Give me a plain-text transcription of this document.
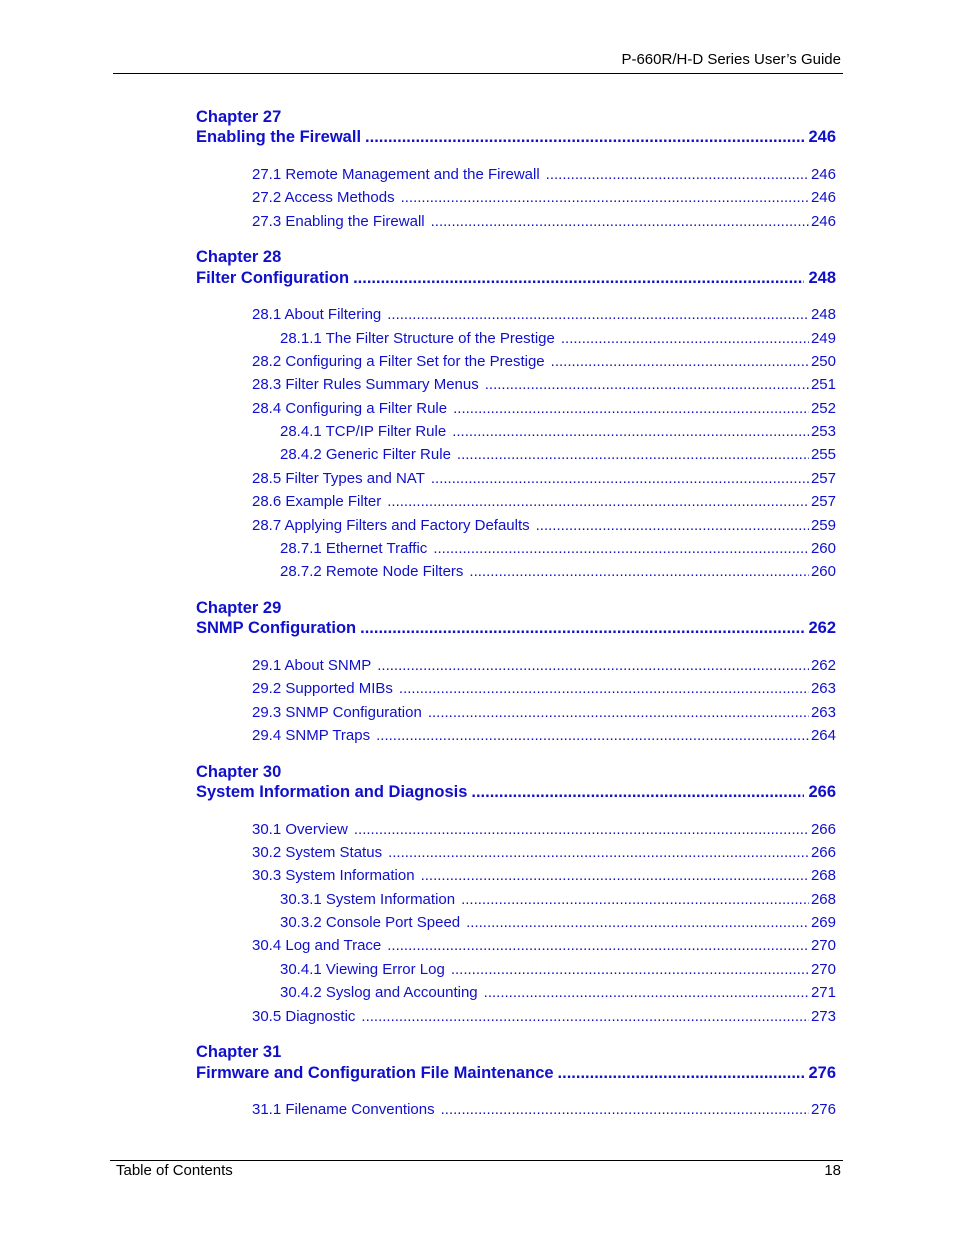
P-660R/H-D Series User’s Guide
Chapter 27
Enabling the Firewall .....	246
27.1 Remote Management and the Firewall .....	246
27.2 Access Methods .....	246
27.3 Enabling the Firewall .....	246
Chapter 28
Filter Configuration .....	248
28.1 About Filtering .....	248
28.1.1 The Filter Structure of the Prestige .....	249
28.2 Configuring a Filter Set for the Prestige .....	250
28.3 Filter Rules Summary Menus .....	251
28.4 Configuring a Filter Rule .....	252
28.4.1 TCP/IP Filter Rule .....	253
28.4.2 Generic Filter Rule .....	255
28.5 Filter Types and NAT .....	257
28.6 Example Filter .....	257
28.7 Applying Filters and Factory Defaults .....	259
28.7.1 Ethernet Traffic .....	260
28.7.2 Remote Node Filters .....	260
Chapter 29
SNMP Configuration .....	262
29.1 About SNMP .....	262
29.2 Supported MIBs .....	263
29.3 SNMP Configuration .....	263
29.4 SNMP Traps .....	264
Chapter 30
System Information and Diagnosis .....	266
30.1 Overview .....	266
30.2 System Status .....	266
30.3 System Information .....	268
30.3.1 System Information .....	268
30.3.2 Console Port Speed .....	269
30.4 Log and Trace .....	270
30.4.1 Viewing Error Log .....	270
30.4.2 Syslog and Accounting .....	271
30.5 Diagnostic .....	273
Chapter 31
Firmware and Configuration File Maintenance .....	276
31.1 Filename Conventions .....	276
Table of Contents	18
